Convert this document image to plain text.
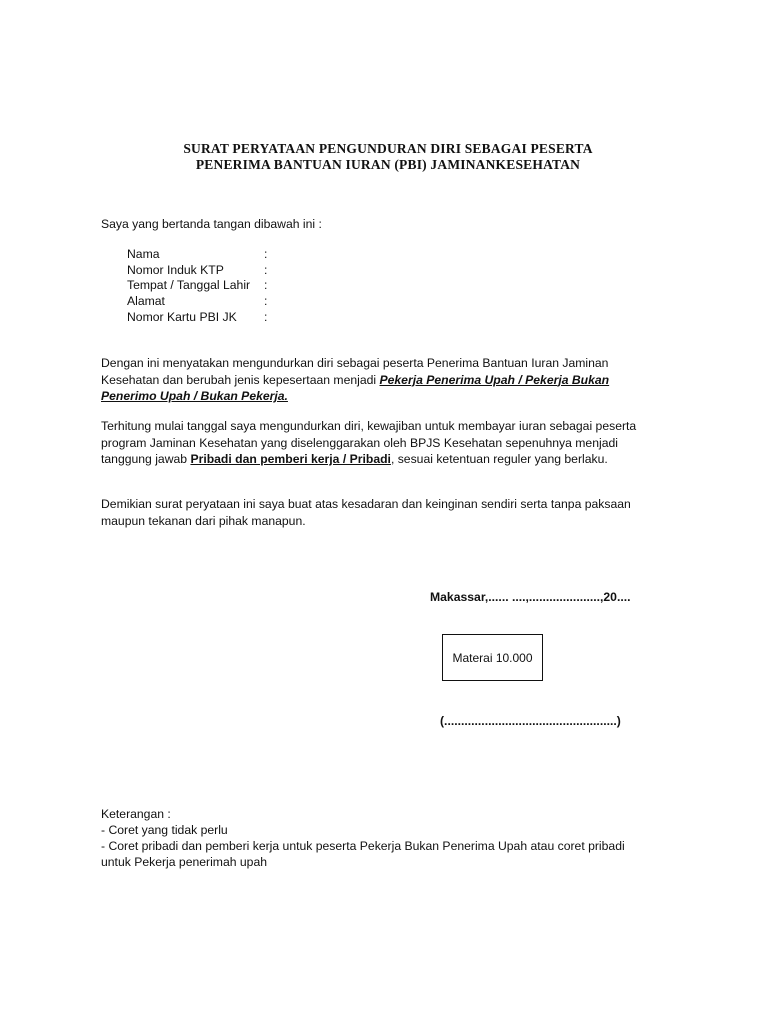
SURAT PERYATAAN PENGUNDURAN DIRI SEBAGAI PESERTA
PENERIMA BANTUAN IURAN (PBI) JAMINANKESEHATAN
Saya yang bertanda tangan dibawah ini :
Nama	:
Nomor Induk KTP	:
Tempat / Tanggal Lahir	:
Alamat	:
Nomor Kartu PBI JK	:
Dengan ini menyatakan mengundurkan diri sebagai peserta Penerima Bantuan Iuran Jaminan Kesehatan dan berubah jenis kepesertaan menjadi Pekerja Penerima Upah / Pekerja Bukan Penerimo Upah / Bukan Pekerja.
Terhitung mulai tanggal saya mengundurkan diri, kewajiban untuk membayar iuran sebagai peserta program Jaminan Kesehatan yang diselenggarakan oleh BPJS Kesehatan sepenuhnya menjadi tanggung jawab Pribadi dan pemberi kerja / Pribadi, sesuai ketentuan reguler yang berlaku.
Demikian surat peryataan ini saya buat atas kesadaran dan keinginan sendiri serta tanpa paksaan maupun tekanan dari pihak manapun.
Makassar,...... ....,.....................,20....
Materai 10.000
(...................................................)
Keterangan :
- Coret yang tidak perlu
- Coret pribadi dan pemberi kerja untuk peserta Pekerja Bukan Penerima Upah atau coret pribadi
untuk Pekerja penerimah upah
